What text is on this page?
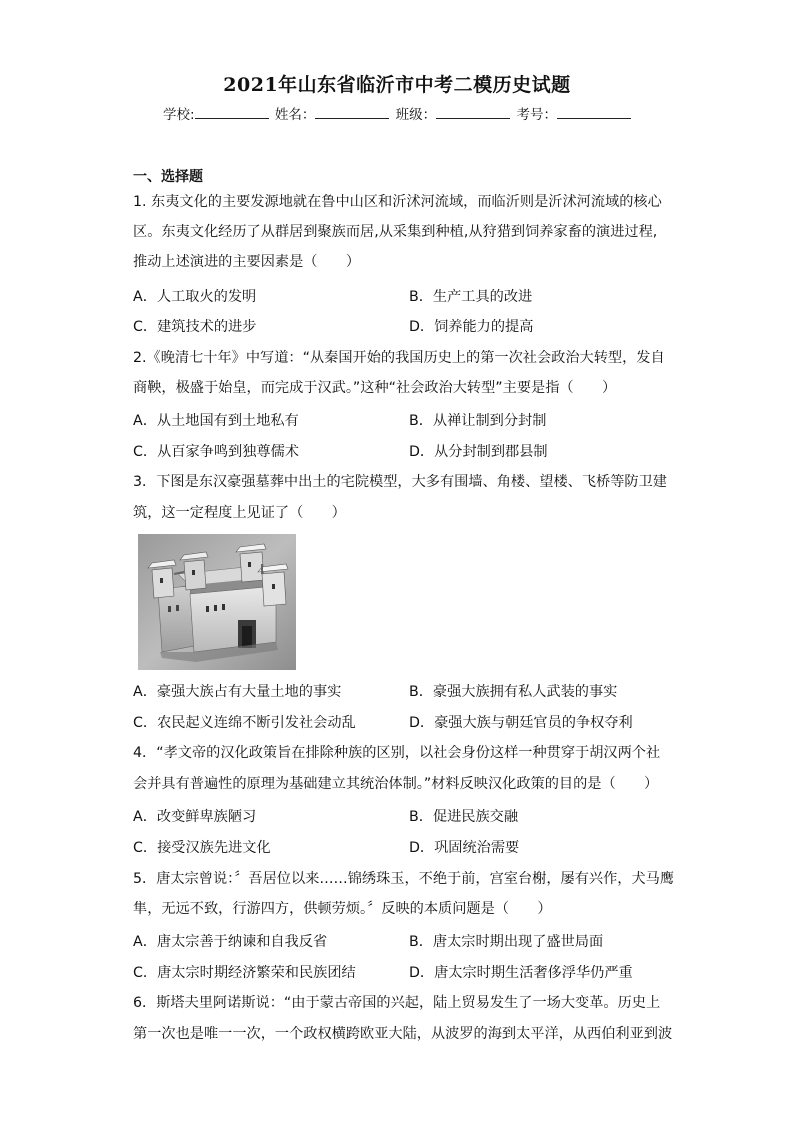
2021年山东省临沂市中考二模历史试题
学校:	姓名：	班级：	考号：
一、选择题
1. 东夷文化的主要发源地就在鲁中山区和沂沭河流域，而临沂则是沂沭河流域的核心
区。东夷文化经历了从群居到聚族而居,从采集到种植,从狩猎到饲养家畜的演进过程,
推动上述演进的主要因素是（　　）
A．人工取火的发明	B．生产工具的改进
C．建筑技术的进步	D．饲养能力的提高
2.《晚清七十年》中写道：“从秦国开始的我国历史上的第一次社会政治大转型，发自
商鞅，极盛于始皇，而完成于汉武。”这种“社会政治大转型”主要是指（　　）
A．从土地国有到土地私有	B．从禅让制到分封制
C．从百家争鸣到独尊儒术	D．从分封制到郡县制
3．下图是东汉豪强墓葬中出土的宅院模型，大多有围墙、角楼、望楼、飞桥等防卫建
筑，这一定程度上见证了（　　）
A．豪强大族占有大量土地的事实	B．豪强大族拥有私人武装的事实
C．农民起义连绵不断引发社会动乱	D．豪强大族与朝廷官员的争权夺利
4．“孝文帝的汉化政策旨在排除种族的区别，以社会身份这样一种贯穿于胡汉两个社
会并具有普遍性的原理为基础建立其统治体制。”材料反映汉化政策的目的是（　　）
A．改变鲜卑族陋习	B．促进民族交融
C．接受汉族先进文化	D．巩固统治需要
5．唐太宗曾说：〞吾居位以来……锦绣珠玉，不绝于前，宫室台榭，屡有兴作，犬马鹰
隼，无远不致，行游四方，供顿劳烦。〞反映的本质问题是（　　）
A．唐太宗善于纳谏和自我反省	B．唐太宗时期出现了盛世局面
C．唐太宗时期经济繁荣和民族团结	D．唐太宗时期生活奢侈浮华仍严重
6．斯塔夫里阿诺斯说：“由于蒙古帝国的兴起，陆上贸易发生了一场大变革。历史上
第一次也是唯一一次，一个政权横跨欧亚大陆，从波罗的海到太平洋，从西伯利亚到波
